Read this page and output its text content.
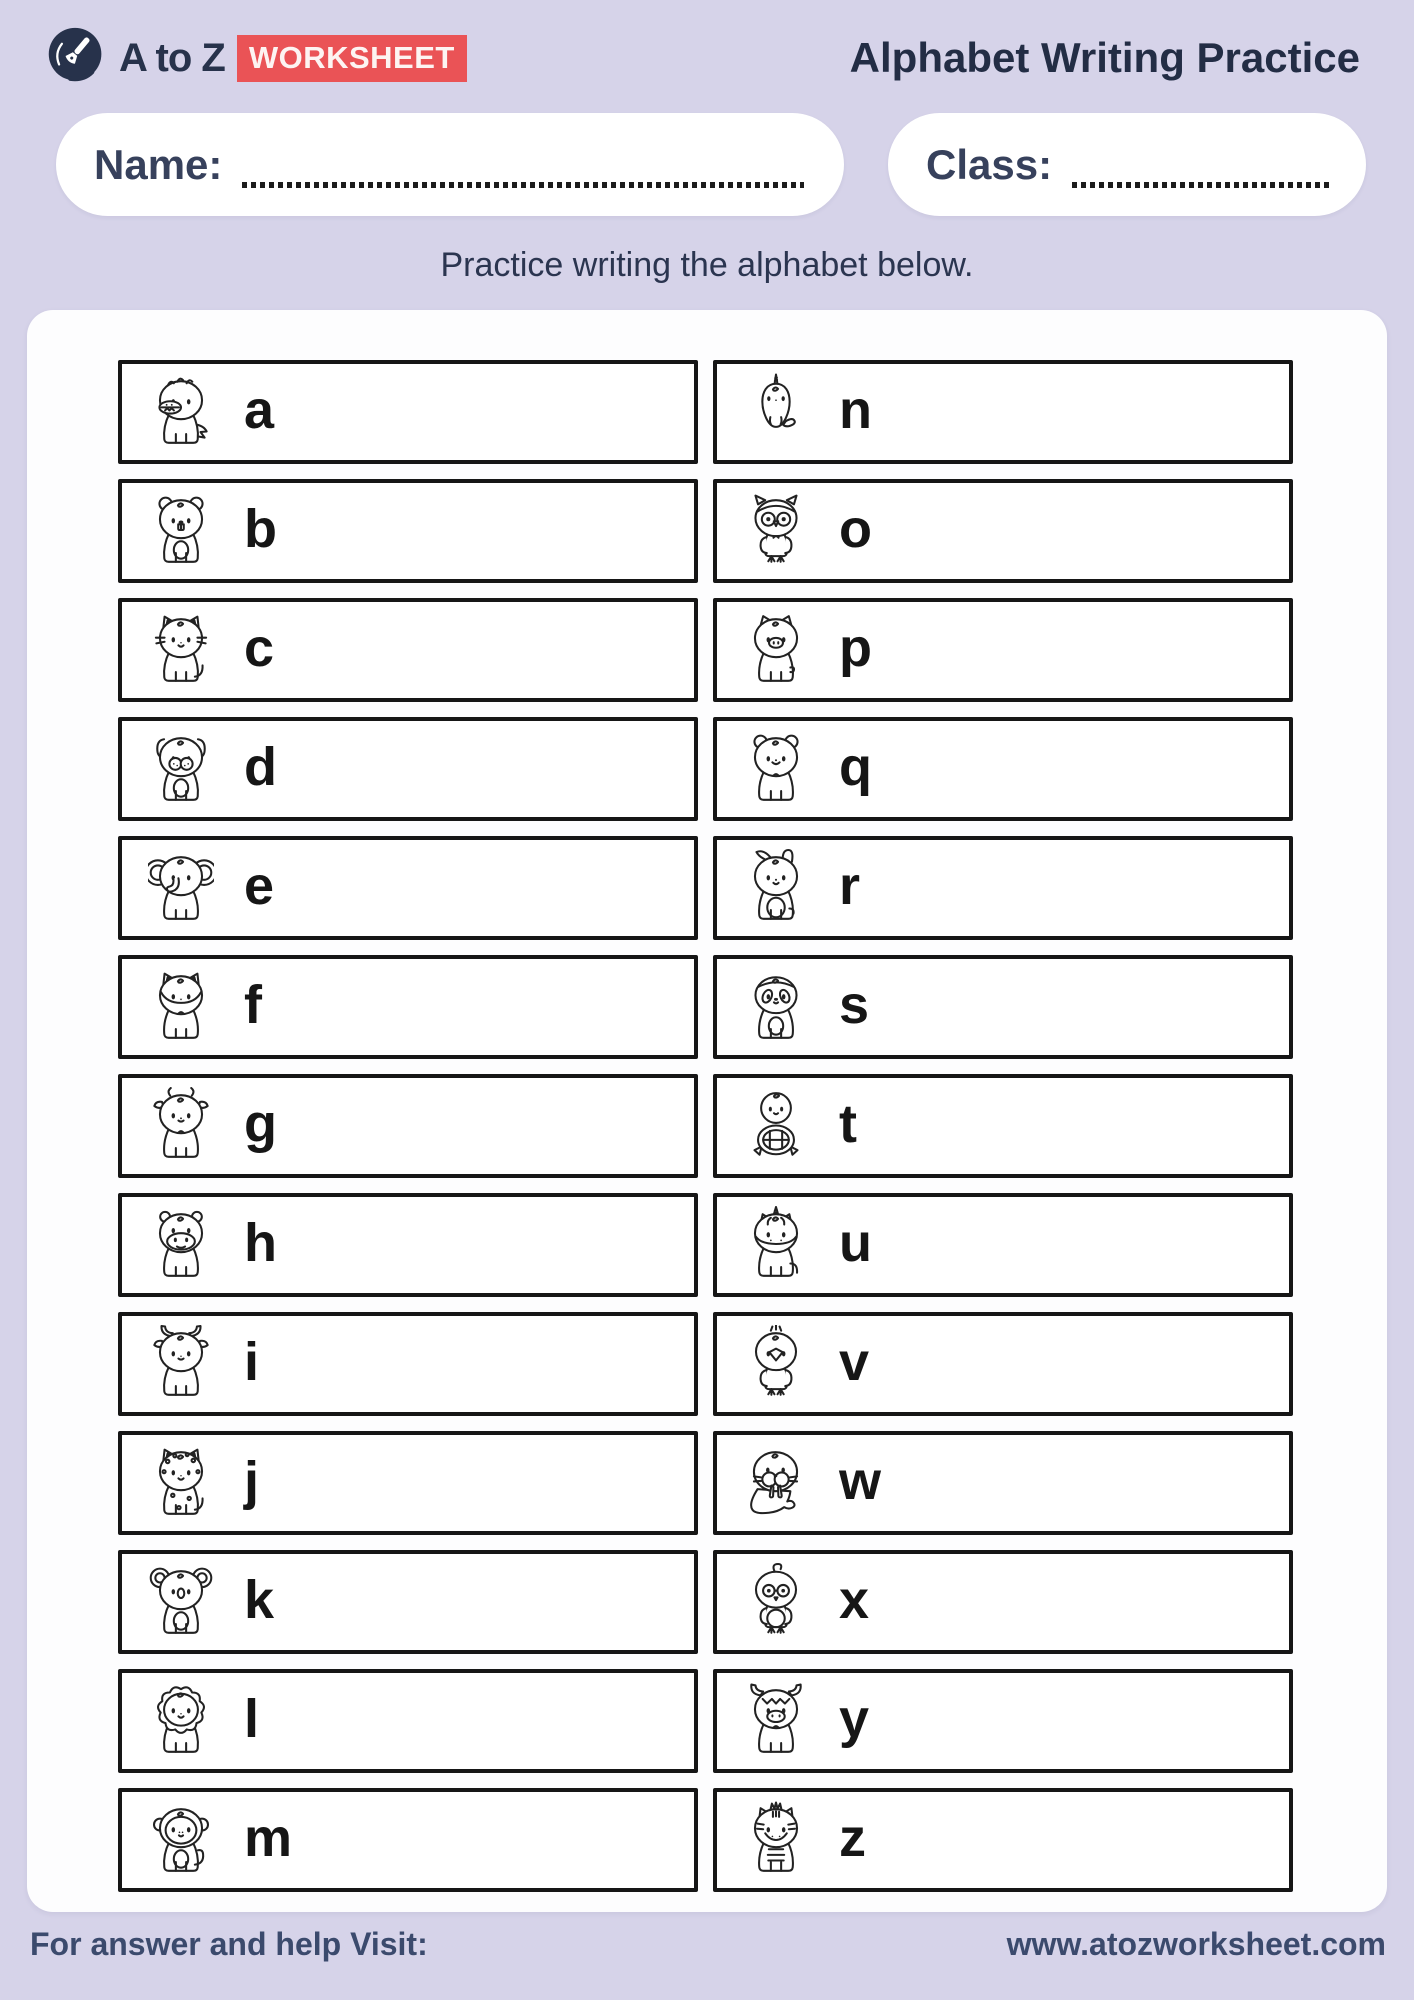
A to Z WORKSHEET	Alphabet Writing Practice
Name:	Class:
Practice writing the alphabet below.
a
b
c
d
e
f
g
h
i
j
k
l
m
n
o
p
q
r
s
t
u
v
w
x
y
z
For answer and help Visit:	www.atozworksheet.com
